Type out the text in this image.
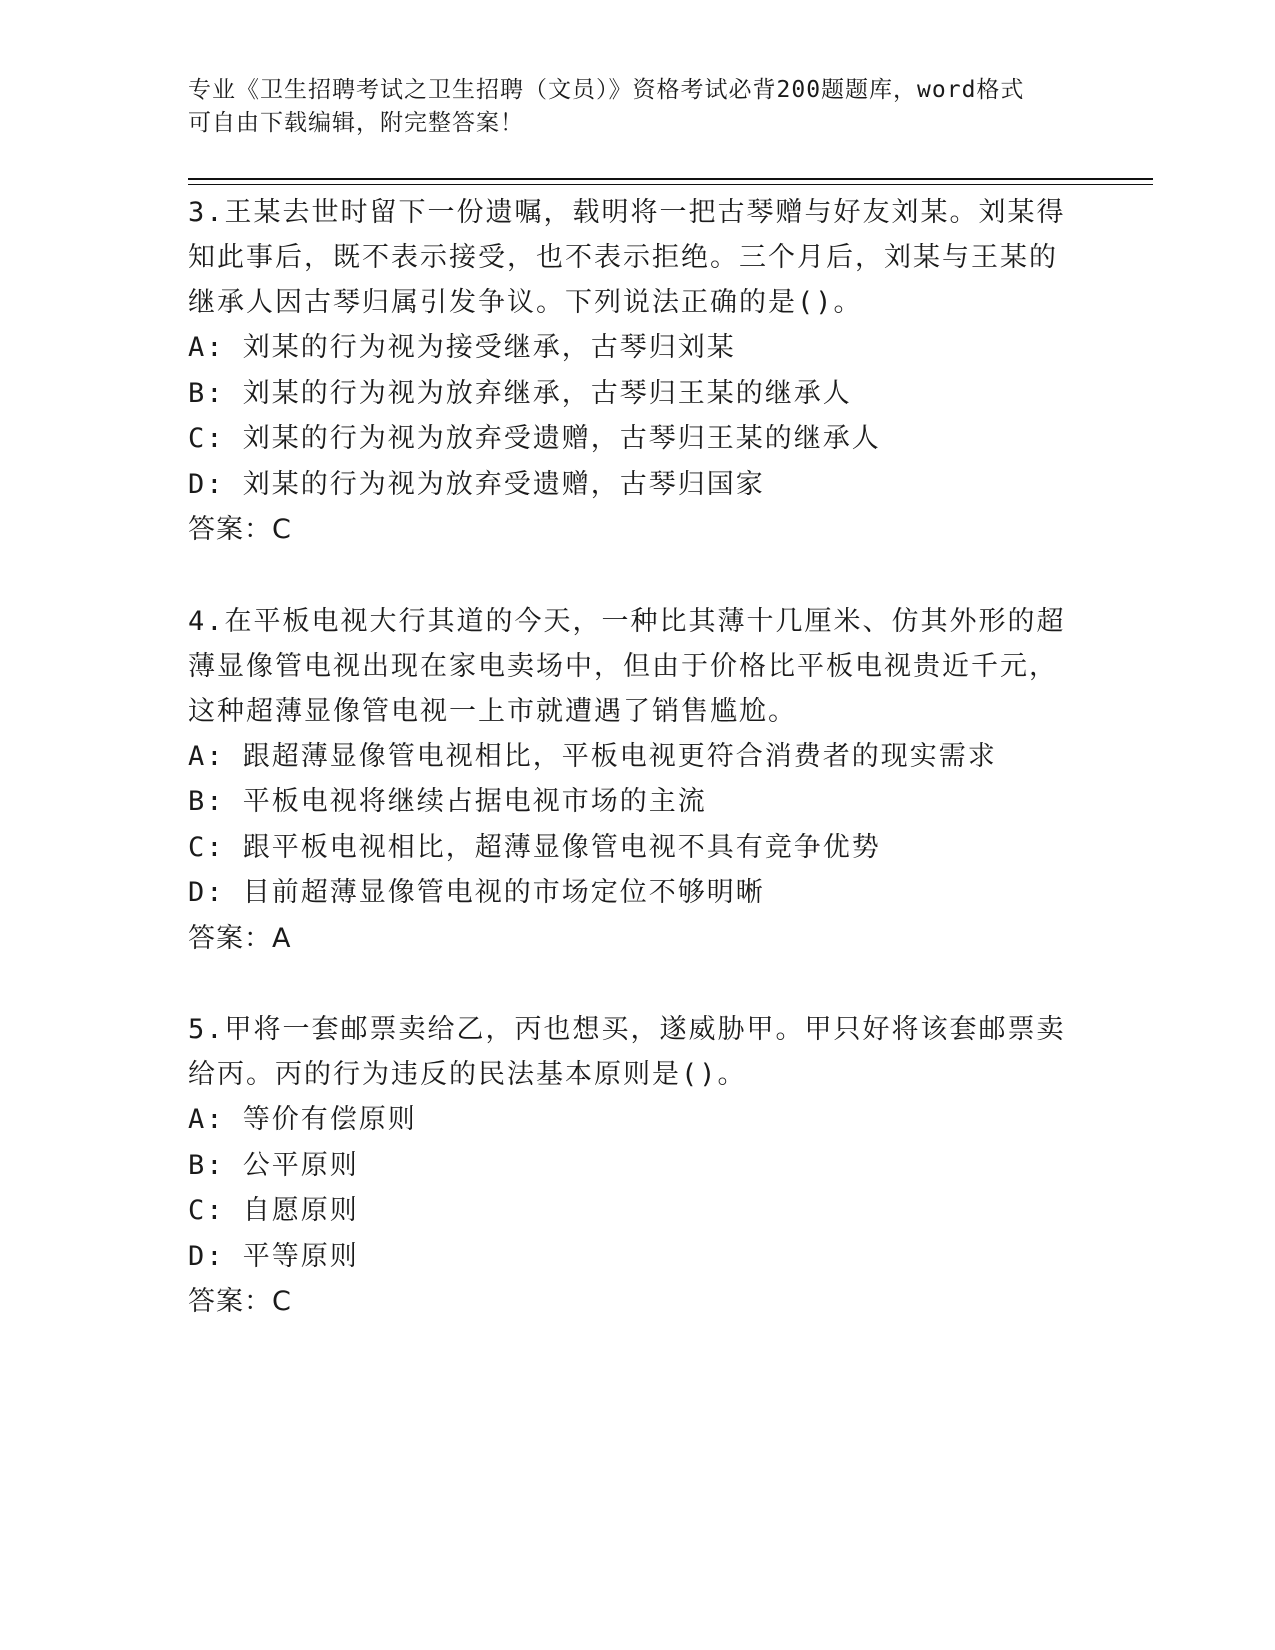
专业《卫生招聘考试之卫生招聘（文员）》资格考试必背200题题库，word格式
可自由下载编辑，附完整答案！

3.王某去世时留下一份遗嘱，载明将一把古琴赠与好友刘某。刘某得

知此事后，既不表示接受，也不表示拒绝。三个月后，刘某与王某的

继承人因古琴归属引发争议。下列说法正确的是()。

A: 刘某的行为视为接受继承，古琴归刘某

B: 刘某的行为视为放弃继承，古琴归王某的继承人

C: 刘某的行为视为放弃受遗赠，古琴归王某的继承人

D: 刘某的行为视为放弃受遗赠，古琴归国家

答案：C

4.在平板电视大行其道的今天，一种比其薄十几厘米、仿其外形的超

薄显像管电视出现在家电卖场中，但由于价格比平板电视贵近千元，

这种超薄显像管电视一上市就遭遇了销售尴尬。

A: 跟超薄显像管电视相比，平板电视更符合消费者的现实需求

B: 平板电视将继续占据电视市场的主流

C: 跟平板电视相比，超薄显像管电视不具有竞争优势

D: 目前超薄显像管电视的市场定位不够明晰

答案：A

5.甲将一套邮票卖给乙，丙也想买，遂威胁甲。甲只好将该套邮票卖

给丙。丙的行为违反的民法基本原则是()。

A: 等价有偿原则

B: 公平原则

C: 自愿原则

D: 平等原则

答案：C
